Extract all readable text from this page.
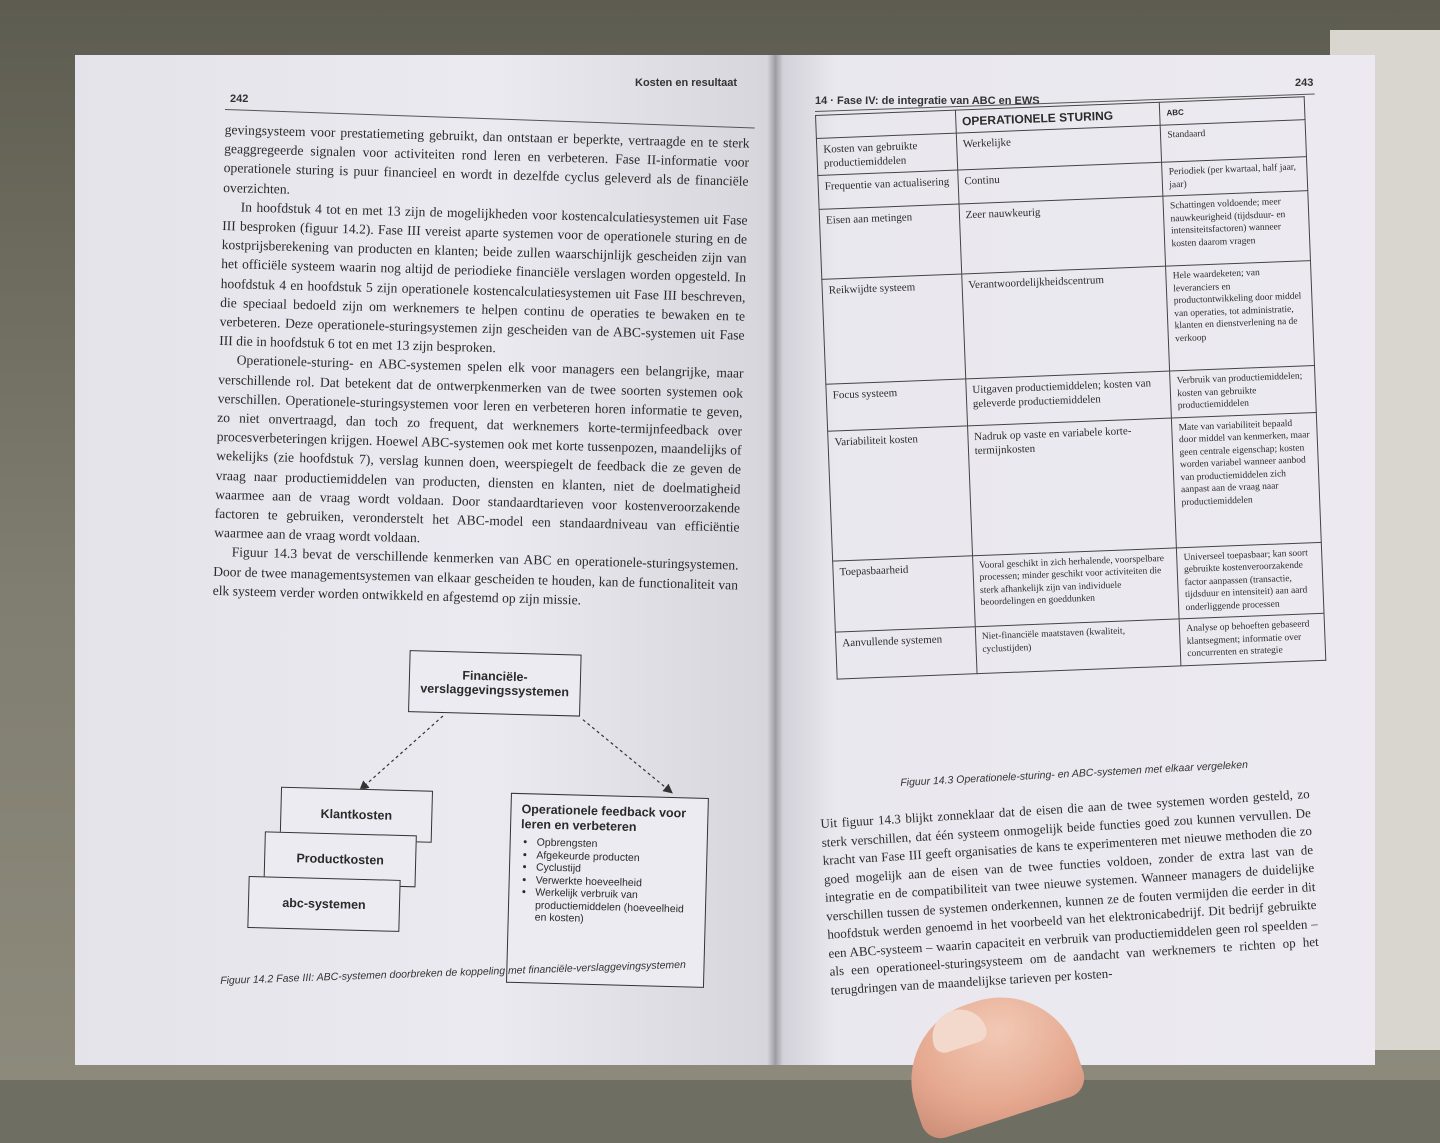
242
Kosten en resultaat

gevingsysteem voor prestatiemeting gebruikt, dan ontstaan er beperkte, vertraagde en te sterk geaggregeerde signalen voor activiteiten rond leren en verbeteren. Fase II-informatie voor operationele sturing is puur financieel en wordt in dezelfde cyclus geleverd als de financiële overzichten.

In hoofdstuk 4 tot en met 13 zijn de mogelijkheden voor kostencalculatiesystemen uit Fase III besproken (figuur 14.2). Fase III vereist aparte systemen voor de operationele sturing en de kostprijsberekening van producten en klanten; beide zullen waarschijnlijk gescheiden zijn van het officiële systeem waarin nog altijd de periodieke financiële verslagen worden opgesteld. In hoofdstuk 4 en hoofdstuk 5 zijn operationele kostencalculatiesystemen uit Fase III beschreven, die speciaal bedoeld zijn om werknemers te helpen continu de operaties te bewaken en te verbeteren. Deze operationele-sturingsystemen zijn gescheiden van de ABC-systemen uit Fase III die in hoofdstuk 6 tot en met 13 zijn besproken.

Operationele-sturing- en ABC-systemen spelen elk voor managers een belangrijke, maar verschillende rol. Dat betekent dat de ontwerpkenmerken van de twee soorten systemen ook verschillen. Operationele-sturingsystemen voor leren en verbeteren horen informatie te geven, zo niet onvertraagd, dan toch zo frequent, dat werknemers korte-termijnfeedback over procesverbeteringen krijgen. Hoewel ABC-systemen ook met korte tussenpozen, maandelijks of wekelijks (zie hoofdstuk 7), verslag kunnen doen, weerspiegelt de feedback die ze geven de vraag naar productiemiddelen van producten, diensten en klanten, niet de doelmatigheid waarmee aan de vraag wordt voldaan. Door standaardtarieven voor kostenveroorzakende factoren te gebruiken, veronderstelt het ABC-model een standaardniveau van efficiëntie waarmee aan de vraag wordt voldaan.

Figuur 14.3 bevat de verschillende kenmerken van ABC en operationele-sturingsystemen. Door de twee managementsystemen van elkaar gescheiden te houden, kan de functionaliteit van elk systeem verder worden ontwikkeld en afgestemd op zijn missie.

Financiële-verslaggevingssystemen
Klantkosten
Productkosten
abc-systemen
Operationele feedback voor leren en verbeteren
• Opbrengsten
• Afgekeurde producten
• Cyclustijd
• Verwerkte hoeveelheid
• Werkelijk verbruik van productiemiddelen (hoeveelheid en kosten)
Figuur 14.2 Fase III: ABC-systemen doorbreken de koppeling met financiële-verslaggevingsystemen
14 · Fase IV: de integratie van ABC en EWS
243
	OPERATIONELE STURING	ABC
Kosten van gebruikte productiemiddelen	Werkelijke	Standaard
Frequentie van actualisering	Continu	Periodiek (per kwartaal, half jaar, jaar)
Eisen aan metingen	Zeer nauwkeurig	Schattingen voldoende; meer nauwkeurigheid (tijdsduur- en intensiteitsfactoren) wanneer kosten daarom vragen
Reikwijdte systeem	Verantwoordelijkheidscentrum	Hele waardeketen; van leveranciers en productontwikkeling door middel van operaties, tot administratie, klanten en dienstverlening na de verkoop
Focus systeem	Uitgaven productiemiddelen; kosten van geleverde productiemiddelen	Verbruik van productiemiddelen; kosten van gebruikte productiemiddelen
Variabiliteit kosten	Nadruk op vaste en variabele korte-termijnkosten	Mate van variabiliteit bepaald door middel van kenmerken, maar geen centrale eigenschap; kosten worden variabel wanneer aanbod van productiemiddelen zich aanpast aan de vraag naar productiemiddelen
Toepasbaarheid	Vooral geschikt in zich herhalende, voorspelbare processen; minder geschikt voor activiteiten die sterk afhankelijk zijn van individuele beoordelingen en goeddunken	Universeel toepasbaar; kan soort gebruikte kostenveroorzakende factor aanpassen (transactie, tijdsduur en intensiteit) aan aard onderliggende processen
Aanvullende systemen	Niet-financiële maatstaven (kwaliteit, cyclustijden)	Analyse op behoeften gebaseerd klantsegment; informatie over concurrenten en strategie
Figuur 14.3 Operationele-sturing- en ABC-systemen met elkaar vergeleken

Uit figuur 14.3 blijkt zonneklaar dat de eisen die aan de twee systemen worden gesteld, zo sterk verschillen, dat één systeem onmogelijk beide functies goed zou kunnen vervullen. De kracht van Fase III geeft organisaties de kans te experimenteren met nieuwe methoden die zo goed mogelijk aan de eisen van de twee functies voldoen, zonder de extra last van de integratie en de compatibiliteit van twee nieuwe systemen. Wanneer managers de duidelijke verschillen tussen de systemen onderkennen, kunnen ze de fouten vermijden die eerder in dit hoofdstuk werden genoemd in het voorbeeld van het elektronicabedrijf. Dit bedrijf gebruikte een ABC-systeem – waarin capaciteit en verbruik van productiemiddelen geen rol speelden – als een operationeel-sturingsysteem om de aandacht van werknemers te richten op het terugdringen van de maandelijkse tarieven per kosten-
